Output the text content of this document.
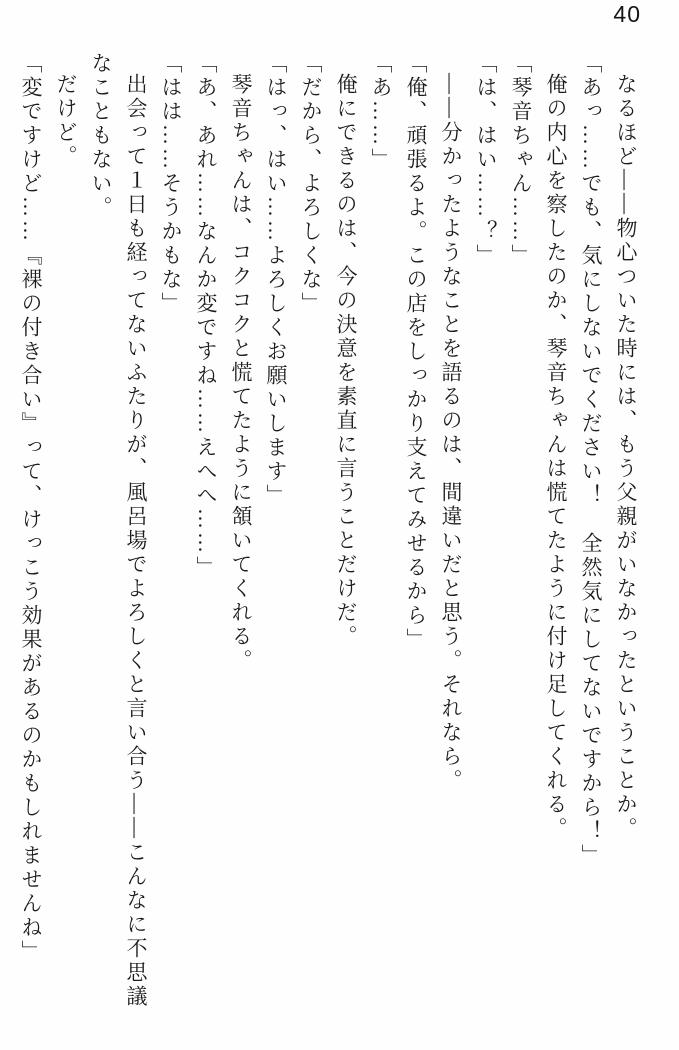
40

なるほど――物心ついた時には、もう父親がいなかったということか。

「あっ……でも、気にしないでください！　全然気にしてないですから！」

俺の内心を察したのか、琴音ちゃんは慌てたように付け足してくれる。

「琴音ちゃん……」

「は、はい……？」

――分かったようなことを語るのは、間違いだと思う。それなら。

「俺、頑張るよ。この店をしっかり支えてみせるから」

「あ……」

俺にできるのは、今の決意を素直に言うことだけだ。

「だから、よろしくな」

「はっ、はい……よろしくお願いします」

琴音ちゃんは、コクコクと慌てたように頷いてくれる。

「あ、あれ……なんか変ですね……えへへ……」

「はは……そうかもな」

出会って１日も経ってないふたりが、風呂場でよろしくと言い合う――こんなに不思議なこともない。

だけど。

「変ですけど……『裸の付き合い』って、けっこう効果があるのかもしれませんね」
